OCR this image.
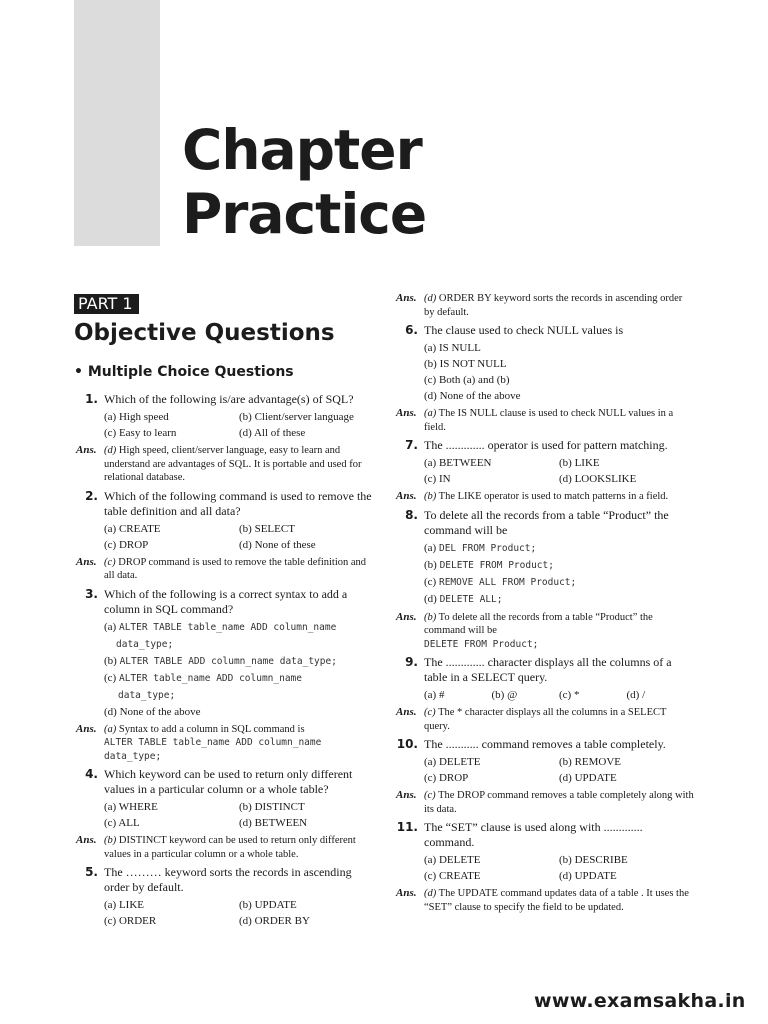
Chapter
Practice
PART 1
Objective Questions
• Multiple Choice Questions
1. Which of the following is/are advantage(s) of SQL?
(a) High speed	(b) Client/server language
(c) Easy to learn	(d) All of these
Ans. (d) High speed, client/server language, easy to learn and understand are advantages of SQL. It is portable and used for relational database.
2. Which of the following command is used to remove the table definition and all data?
(a) CREATE	(b) SELECT
(c) DROP	(d) None of these
Ans. (c) DROP command is used to remove the table definition and all data.
3. Which of the following is a correct syntax to add a column in SQL command?
(a) ALTER TABLE table_name ADD column_name
data_type;
(b) ALTER TABLE ADD column_name data_type;
(c) ALTER table_name ADD column_name
data_type;
(d) None of the above
Ans. (a) Syntax to add a column in SQL command is
ALTER TABLE table_name ADD column_name
data_type;
4. Which keyword can be used to return only different values in a particular column or a whole table?
(a) WHERE	(b) DISTINCT
(c) ALL	(d) BETWEEN
Ans. (b) DISTINCT keyword can be used to return only different values in a particular column or a whole table.
5. The ……… keyword sorts the records in ascending order by default.
(a) LIKE	(b) UPDATE
(c) ORDER	(d) ORDER BY
Ans. (d) ORDER BY keyword sorts the records in ascending order by default.
6. The clause used to check NULL values is
(a) IS NULL
(b) IS NOT NULL
(c) Both (a) and (b)
(d) None of the above
Ans. (a) The IS NULL clause is used to check NULL values in a field.
7. The ............. operator is used for pattern matching.
(a) BETWEEN	(b) LIKE
(c) IN	(d) LOOKSLIKE
Ans. (b) The LIKE operator is used to match patterns in a field.
8. To delete all the records from a table “Product” the command will be
(a) DEL FROM Product;
(b) DELETE FROM Product;
(c) REMOVE ALL FROM Product;
(d) DELETE ALL;
Ans. (b) To delete all the records from a table “Product” the command will be
DELETE FROM Product;
9. The ............. character displays all the columns of a table in a SELECT query.
(a) #	(b) @	(c) *	(d) /
Ans. (c) The * character displays all the columns in a SELECT query.
10. The ........... command removes a table completely.
(a) DELETE	(b) REMOVE
(c) DROP	(d) UPDATE
Ans. (c) The DROP command removes a table completely along with its data.
11. The “SET” clause is used along with ............. command.
(a) DELETE	(b) DESCRIBE
(c) CREATE	(d) UPDATE
Ans. (d) The UPDATE command updates data of a table . It uses the “SET” clause to specify the field to be updated.
www.examsakha.in
